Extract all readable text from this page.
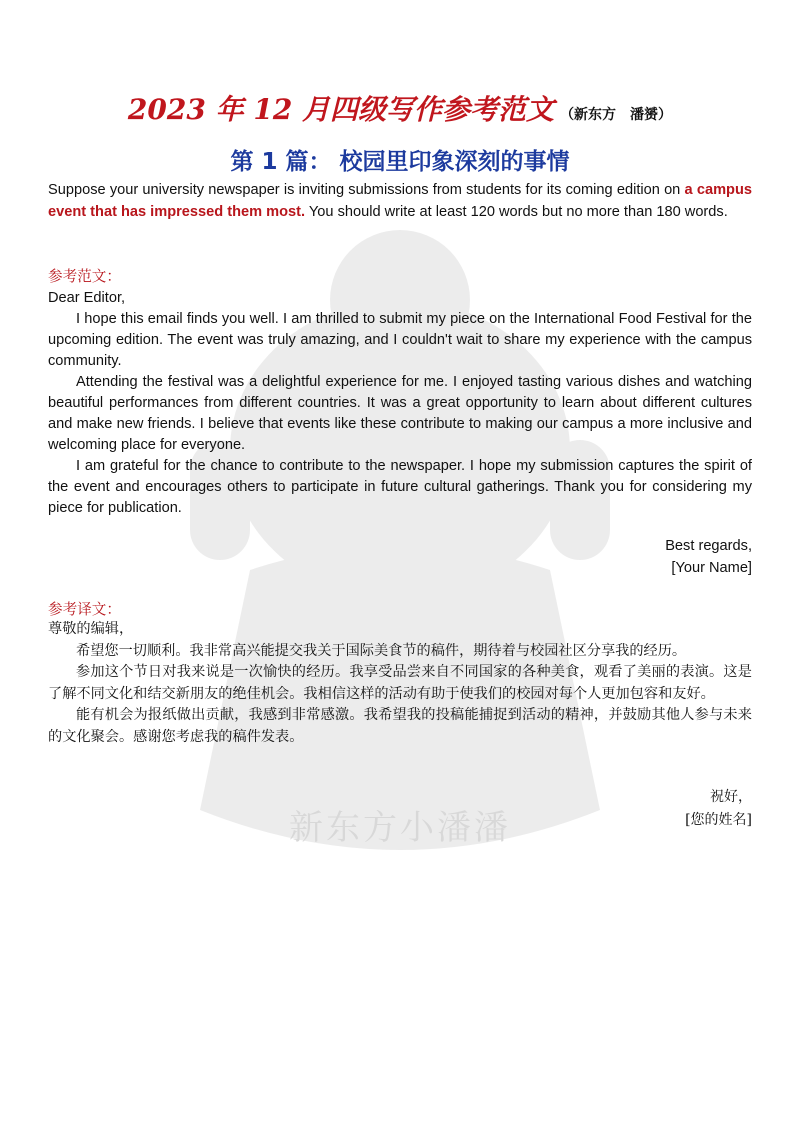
新东方小潘潘
2023 年 12 月四级写作参考范文 （新东方　潘赟）
第 1 篇： 校园里印象深刻的事情
Suppose your university newspaper is inviting submissions from students for its coming edition on a campus event that has impressed them most. You should write at least 120 words but no more than 180 words.
参考范文：

Dear Editor,

I hope this email finds you well. I am thrilled to submit my piece on the International Food Festival for the upcoming edition. The event was truly amazing, and I couldn't wait to share my experience with the campus community.

Attending the festival was a delightful experience for me. I enjoyed tasting various dishes and watching beautiful performances from different countries. It was a great opportunity to learn about different cultures and make new friends. I believe that events like these contribute to making our campus a more inclusive and welcoming place for everyone.

I am grateful for the chance to contribute to the newspaper. I hope my submission captures the spirit of the event and encourages others to participate in future cultural gatherings. Thank you for considering my piece for publication.

Best regards,
[Your Name]
参考译文：

尊敬的编辑，

希望您一切顺利。我非常高兴能提交我关于国际美食节的稿件，期待着与校园社区分享我的经历。

参加这个节日对我来说是一次愉快的经历。我享受品尝来自不同国家的各种美食，观看了美丽的表演。这是了解不同文化和结交新朋友的绝佳机会。我相信这样的活动有助于使我们的校园对每个人更加包容和友好。

能有机会为报纸做出贡献，我感到非常感激。我希望我的投稿能捕捉到活动的精神，并鼓励其他人参与未来的文化聚会。感谢您考虑我的稿件发表。

祝好，
[您的姓名]
